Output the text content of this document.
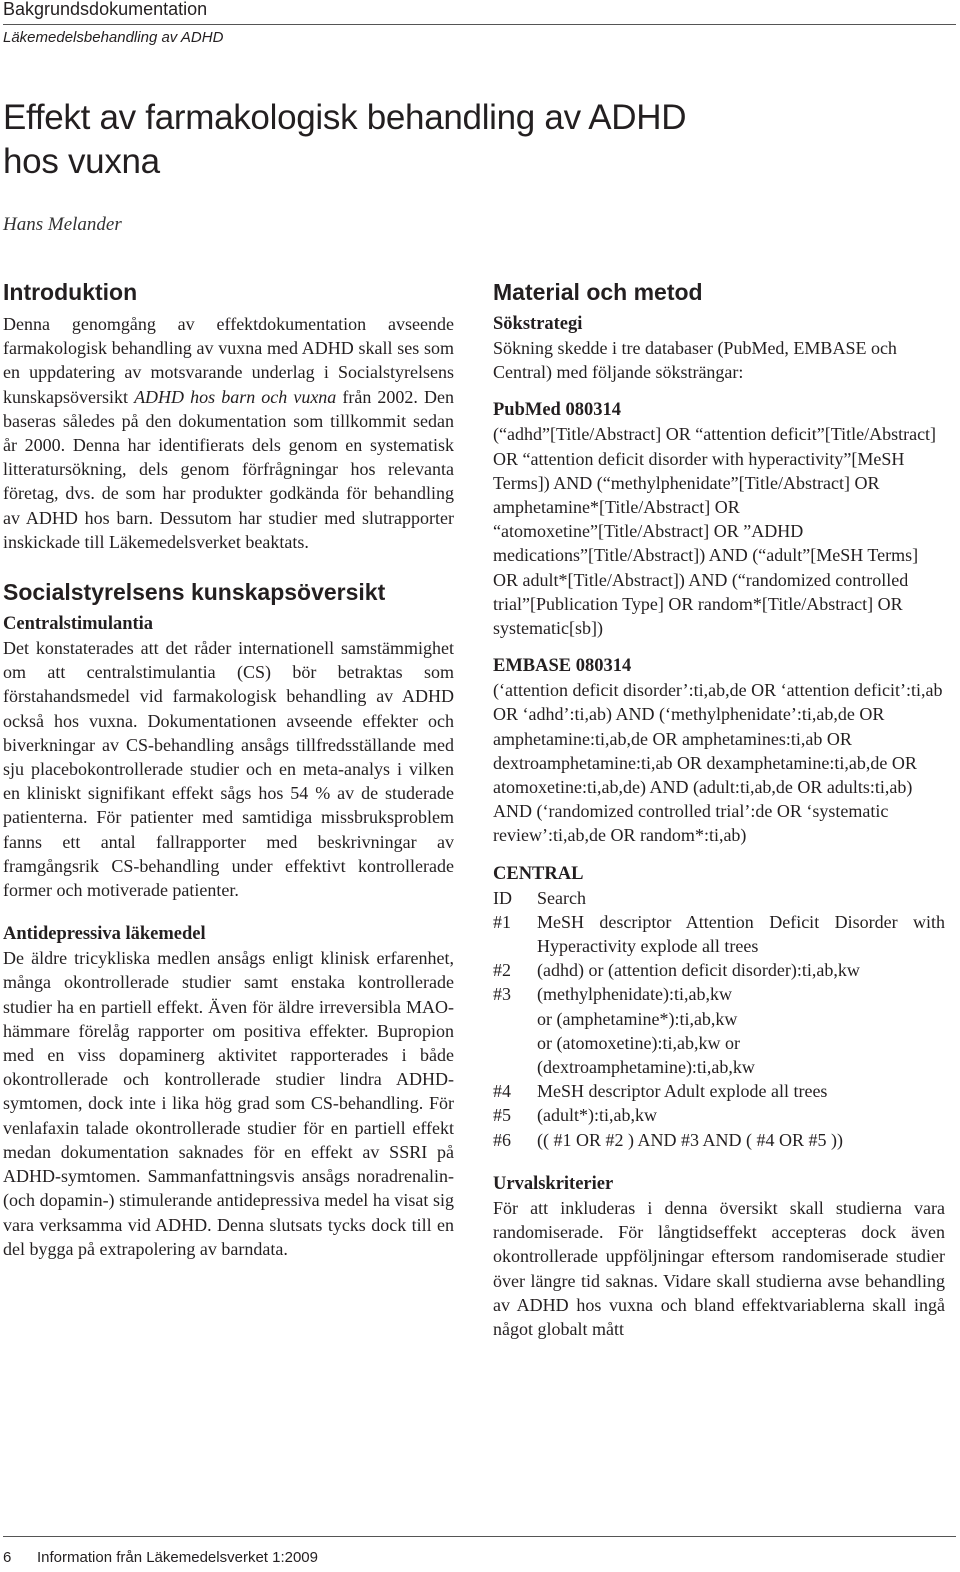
Bakgrundsdokumentation
Läkemedelsbehandling av ADHD
Effekt av farmakologisk behandling av ADHD
hos vuxna
Hans Melander
Introduktion

Denna genomgång av effektdokumentation avseende farmakologisk behandling av vuxna med ADHD skall ses som en uppdatering av motsvarande underlag i Socialstyrelsens kunskapsöversikt ADHD hos barn och vuxna från 2002. Den baseras således på den dokumentation som tillkommit sedan år 2000. Denna har identifierats dels genom en systematisk litteratursökning, dels genom förfrågningar hos relevanta företag, dvs. de som har produkter godkända för behandling av ADHD hos barn. Dessutom har studier med slutrapporter inskickade till Läkemedelsverket beaktats.

Socialstyrelsens kunskapsöversikt
Centralstimulantia

Det konstaterades att det råder internationell samstämmighet om att centralstimulantia (CS) bör betraktas som förstahandsmedel vid farmakologisk behandling av ADHD också hos vuxna. Dokumentationen avseende effekter och biverkningar av CS-behandling ansågs tillfredsställande med sju placebokontrollerade studier och en meta-analys i vilken en kliniskt signifikant effekt sågs hos 54 % av de studerade patienterna. För patienter med samtidiga missbruksproblem fanns ett antal fallrapporter med beskrivningar av framgångsrik CS-behandling under effektivt kontrollerade former och motiverade patienter.

Antidepressiva läkemedel

De äldre tricykliska medlen ansågs enligt klinisk erfarenhet, många okontrollerade studier samt enstaka kontrollerade studier ha en partiell effekt. Även för äldre irreversibla MAO-hämmare förelåg rapporter om positiva effekter. Bupropion med en viss dopaminerg aktivitet rapporterades i både okontrollerade och kontrollerade studier lindra ADHD-symtomen, dock inte i lika hög grad som CS-behandling. För venlafaxin talade okontrollerade studier för en partiell effekt medan dokumentation saknades för en effekt av SSRI på ADHD-symtomen. Sammanfattningsvis ansågs noradrenalin- (och dopamin-) stimulerande antidepressiva medel ha visat sig vara verksamma vid ADHD. Denna slutsats tycks dock till en del bygga på extrapolering av barndata.

Material och metod
Sökstrategi

Sökning skedde i tre databaser (PubMed, EMBASE och Central) med följande söksträngar:

PubMed 080314

(“adhd”[Title/Abstract] OR “attention deficit”[Title/Abstract] OR “attention deficit disorder with hyperactivity”[MeSH Terms]) AND (“methylphenidate”[Title/Abstract] OR amphetamine*[Title/Abstract] OR “atomoxetine”[Title/Abstract] OR ”ADHD medications”[Title/Abstract]) AND (“adult”[MeSH Terms] OR adult*[Title/Abstract]) AND (“randomized controlled trial”[Publication Type] OR random*[Title/Abstract] OR systematic[sb])

EMBASE 080314

(‘attention deficit disorder’:ti,ab,de OR ‘attention deficit’:ti,ab OR ‘adhd’:ti,ab) AND (‘methylphenidate’:ti,ab,de OR amphetamine:ti,ab,de OR amphetamines:ti,ab OR dextroamphetamine:ti,ab OR dexamphetamine:ti,ab,de OR atomoxetine:ti,ab,de) AND (adult:ti,ab,de OR adults:ti,ab) AND (‘randomized controlled trial’:de OR ‘systematic review’:ti,ab,de OR random*:ti,ab)

CENTRAL
ID	Search
#1	MeSH descriptor Attention Deficit Disorder with Hyperactivity explode all trees
#2	(adhd) or (attention deficit disorder):ti,ab,kw
#3	(methylphenidate):ti,ab,kw
	or (amphetamine*):ti,ab,kw
	or (atomoxetine):ti,ab,kw or
	(dextroamphetamine):ti,ab,kw
#4	MeSH descriptor Adult explode all trees
#5	(adult*):ti,ab,kw
#6	(( #1 OR #2 ) AND #3 AND ( #4 OR #5 ))
Urvalskriterier

För att inkluderas i denna översikt skall studierna vara randomiserade. För långtidseffekt accepteras dock även okontrollerade uppföljningar eftersom randomiserade studier över längre tid saknas. Vidare skall studierna avse behandling av ADHD hos vuxna och bland effektvariablerna skall ingå något globalt mått

6 Information från Läkemedelsverket 1:2009
